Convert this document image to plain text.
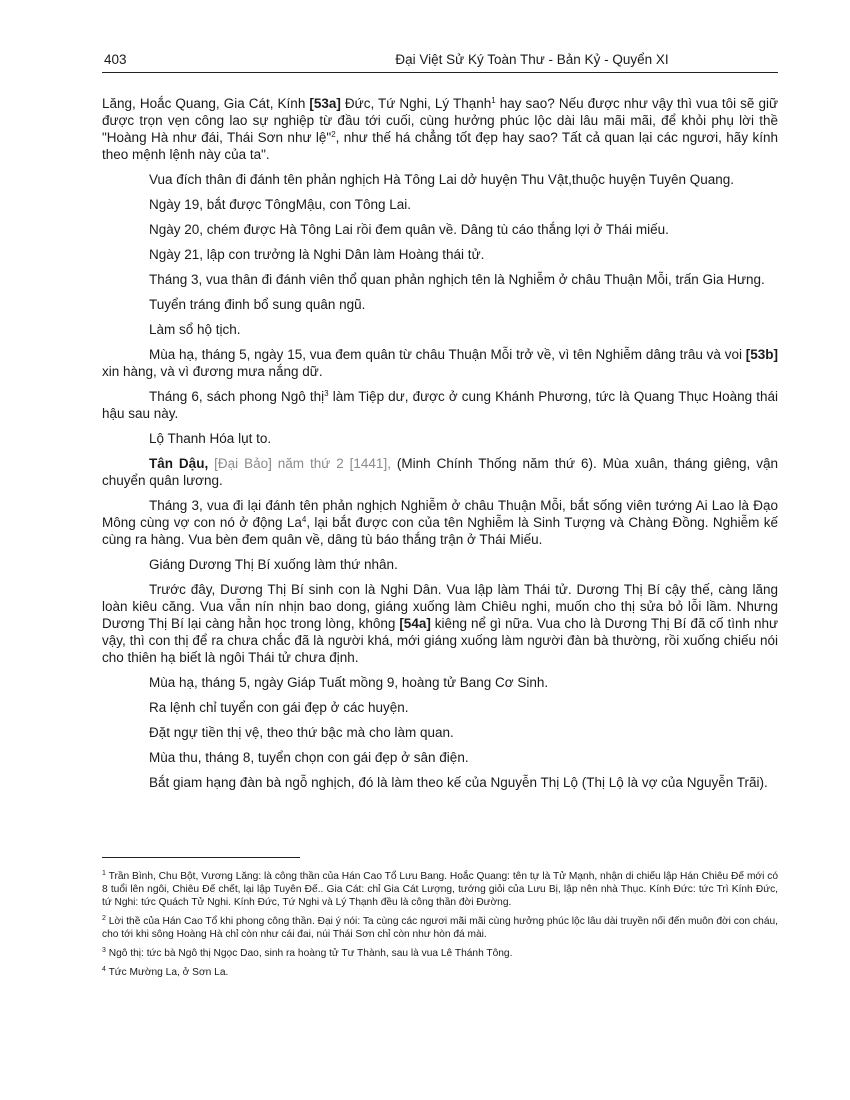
403	Đại Việt Sử Ký Toàn Thư - Bản Kỷ - Quyển XI

Lăng, Hoắc Quang, Gia Cát, Kính [53a] Đức, Tứ Nghi, Lý Thạnh$^1$ hay sao? Nếu được như vậy thì vua tôi sẽ giữ được trọn vẹn công lao sự nghiệp từ đầu tới cuối, cùng hưởng phúc lộc dài lâu mãi mãi, để khỏi phụ lời thề "Hoàng Hà như đái, Thái Sơn như lệ"$^2$, như thế há chẳng tốt đẹp hay sao? Tất cả quan lại các ngươi, hãy kính theo mệnh lệnh này của ta".

Vua đích thân đi đánh tên phản nghịch Hà Tông Lai dở huyện Thu Vật,thuộc huyện Tuyên Quang.

Ngày 19, bắt được TôngMậu, con Tông Lai.

Ngày 20, chém được Hà Tông Lai rồi đem quân về. Dâng tù cáo thắng lợi ở Thái miếu.

Ngày 21, lập con trưởng là Nghi Dân làm Hoàng thái tử.

Tháng 3, vua thân đi đánh viên thổ quan phản nghịch tên là Nghiễm ở châu Thuận Mỗi, trấn Gia Hưng.

Tuyển tráng đinh bổ sung quân ngũ.

Làm sổ hộ tịch.

Mùa hạ, tháng 5, ngày 15, vua đem quân từ châu Thuận Mỗi trở về, vì tên Nghiễm dâng trâu và voi [53b] xin hàng, và vì đương mưa nắng dữ.

Tháng 6, sách phong Ngô thị$^3$ làm Tiệp dư, được ở cung Khánh Phương, tức là Quang Thục Hoàng thái hậu sau này.

Lộ Thanh Hóa lụt to.

Tân Dậu, [Đại Bảo] năm thứ 2 [1441], (Minh Chính Thống năm thứ 6). Mùa xuân, tháng giêng, vận chuyển quân lương.

Tháng 3, vua đi lại đánh tên phản nghịch Nghiễm ở châu Thuận Mỗi, bắt sống viên tướng Ai Lao là Đạo Mông cùng vợ con nó ở động La$^4$, lại bắt được con của tên Nghiễm là Sinh Tượng và Chàng Đồng. Nghiễm kế cùng ra hàng. Vua bèn đem quân về, dâng tù báo thắng trận ở Thái Miếu.

Giáng Dương Thị Bí xuống làm thứ nhân.

Trước đây, Dương Thị Bí sinh con là Nghi Dân. Vua lập làm Thái tử. Dương Thị Bí cậy thế, càng lăng loàn kiêu căng. Vua vẫn nín nhịn bao dong, giáng xuống làm Chiêu nghi, muốn cho thị sửa bỏ lỗi lầm. Nhưng Dương Thị Bí lại càng hằn học trong lòng, không [54a] kiêng nể gì nữa. Vua cho là Dương Thị Bí đã cố tình như vậy, thì con thị để ra chưa chắc đã là người khá, mới giáng xuống làm người đàn bà thường, rồi xuống chiếu nói cho thiên hạ biết là ngôi Thái tử chưa định.

Mùa hạ, tháng 5, ngày Giáp Tuất mồng 9, hoàng tử Bang Cơ Sinh.

Ra lệnh chỉ tuyển con gái đẹp ở các huyện.

Đặt ngự tiền thị vệ, theo thứ bậc mà cho làm quan.

Mùa thu, tháng 8, tuyển chọn con gái đẹp ở sân điện.

Bắt giam hạng đàn bà ngỗ nghịch, đó là làm theo kế của Nguyễn Thị Lộ (Thị Lộ là vợ của Nguyễn Trãi).

$^1$ Trần Bình, Chu Bột, Vương Lăng: là công thần của Hán Cao Tổ Lưu Bang. Hoắc Quang: tên tự là Tử Mạnh, nhận di chiếu lập Hán Chiêu Đế mới có 8 tuổi lên ngôi, Chiêu Đế chết, lại lập Tuyên Đế.. Gia Cát: chỉ Gia Cát Lượng, tướng giỏi của Lưu Bị, lập nên nhà Thục. Kính Đức: tức Trì Kính Đức, tứ Nghi: tức Quách Tử Nghi. Kính Đức, Tứ Nghi và Lý Thạnh đều là công thần đời Đường.

$^2$ Lời thề của Hán Cao Tổ khi phong công thần. Đại ý nói: Ta cùng các ngươi mãi mãi cùng hưởng phúc lộc lâu dài truyền nối đến muôn đời con cháu, cho tới khi sông Hoàng Hà chỉ còn như cái đai, núi Thái Sơn chỉ còn như hòn đá mài.

$^3$ Ngô thị: tức bà Ngô thị Ngọc Dao, sinh ra hoàng tử Tư Thành, sau là vua Lê Thánh Tông.

$^4$ Tức Mường La, ở Sơn La.
